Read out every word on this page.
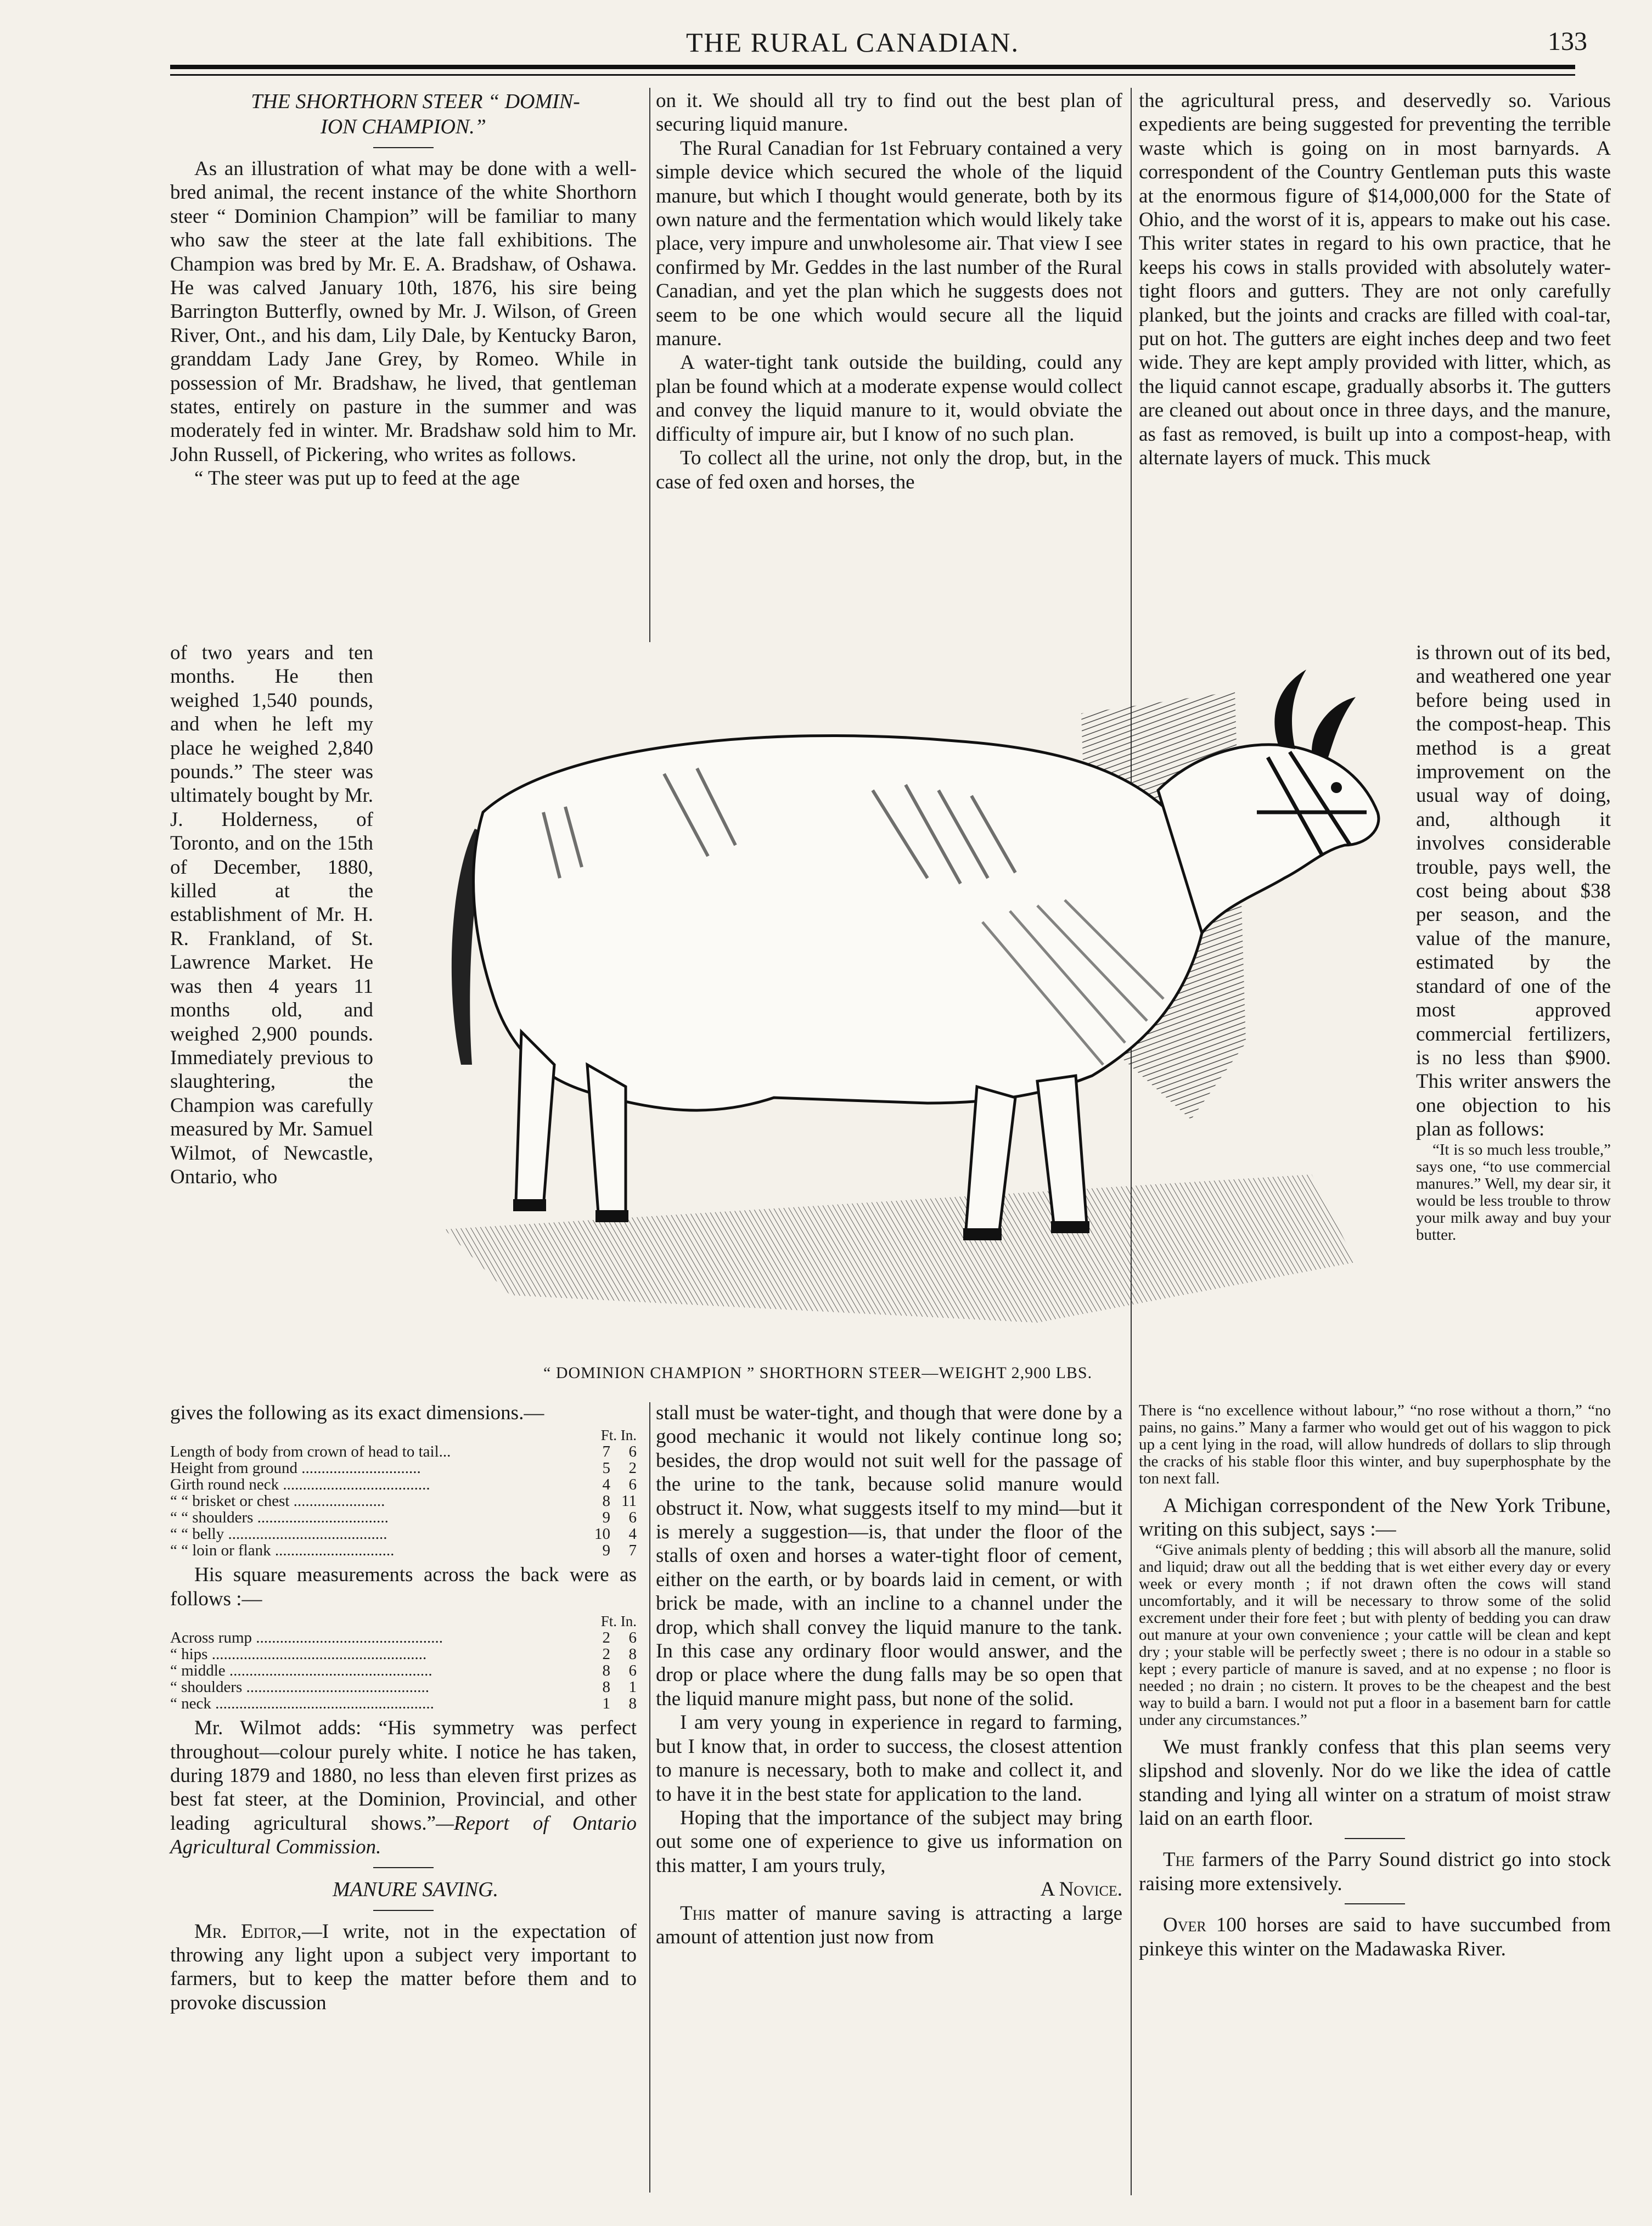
THE RURAL CANADIAN.	133

THE SHORTHORN STEER “ DOMIN-
ION CHAMPION.”

As an illustration of what may be done with a well-bred animal, the recent instance of the white Shorthorn steer “ Dominion Champion” will be familiar to many who saw the steer at the late fall exhibitions. The Champion was bred by Mr. E. A. Bradshaw, of Oshawa. He was calved January 10th, 1876, his sire being Barrington Butterfly, owned by Mr. J. Wilson, of Green River, Ont., and his dam, Lily Dale, by Kentucky Baron, granddam Lady Jane Grey, by Romeo. While in possession of Mr. Bradshaw, he lived, that gentleman states, entirely on pasture in the summer and was moderately fed in winter. Mr. Bradshaw sold him to Mr. John Russell, of Pickering, who writes as follows.

“ The steer was put up to feed at the age

of two years and ten months. He then weighed 1,540 pounds, and when he left my place he weighed 2,840 pounds.” The steer was ultimately bought by Mr. J. Holderness, of Toronto, and on the 15th of December, 1880, killed at the establishment of Mr. H. R. Frankland, of St. Lawrence Market. He was then 4 years 11 months old, and weighed 2,900 pounds. Immediately previous to slaughtering, the Champion was carefully measured by Mr. Samuel Wilmot, of Newcastle, Ontario, who

gives the following as its exact dimensions.—

Ft. In.
Length of body from crown of head to tail...	7	6
Height from ground ..............................	5	2
Girth round neck .....................................	4	6
“ “ brisket or chest .......................	8 11
“ “ shoulders .................................	9	6
“ “ belly ........................................	10	4
“ “ loin or flank ..............................	9	7

His square measurements across the back were as follows :—

Ft. In.
Across rump ...............................................	2	6
“ hips ......................................................	2	8
“ middle ...................................................	8	6
“ shoulders ..............................................	8	1
“ neck .......................................................	1	8

Mr. Wilmot adds: “His symmetry was perfect throughout—colour purely white. I notice he has taken, during 1879 and 1880, no less than eleven first prizes as best fat steer, at the Dominion, Provincial, and other leading agricultural shows.”—Report of Ontario Agricultural Commission.

MANURE SAVING.

Mr. Editor,—I write, not in the expectation of throwing any light upon a subject very important to farmers, but to keep the matter before them and to provoke discussion

on it. We should all try to find out the best plan of securing liquid manure.

The Rural Canadian for 1st February contained a very simple device which secured the whole of the liquid manure, but which I thought would generate, both by its own nature and the fermentation which would likely take place, very impure and unwholesome air. That view I see confirmed by Mr. Geddes in the last number of the Rural Canadian, and yet the plan which he suggests does not seem to be one which would secure all the liquid manure.

A water-tight tank outside the building, could any plan be found which at a moderate expense would collect and convey the liquid manure to it, would obviate the difficulty of impure air, but I know of no such plan.

To collect all the urine, not only the drop, but, in the case of fed oxen and horses, the

stall must be water-tight, and though that were done by a good mechanic it would not likely continue long so; besides, the drop would not suit well for the passage of the urine to the tank, because solid manure would obstruct it. Now, what suggests itself to my mind—but it is merely a suggestion—is, that under the floor of the stalls of oxen and horses a water-tight floor of cement, either on the earth, or by boards laid in cement, or with brick be made, with an incline to a channel under the drop, which shall convey the liquid manure to the tank. In this case any ordinary floor would answer, and the drop or place where the dung falls may be so open that the liquid manure might pass, but none of the solid.

I am very young in experience in regard to farming, but I know that, in order to success, the closest attention to manure is necessary, both to make and collect it, and to have it in the best state for application to the land.

Hoping that the importance of the subject may bring out some one of experience to give us information on this matter, I am yours truly,

A Novice.

This matter of manure saving is attracting a large amount of attention just now from

the agricultural press, and deservedly so. Various expedients are being suggested for preventing the terrible waste which is going on in most barnyards. A correspondent of the Country Gentleman puts this waste at the enormous figure of $14,000,000 for the State of Ohio, and the worst of it is, appears to make out his case. This writer states in regard to his own practice, that he keeps his cows in stalls provided with absolutely water-tight floors and gutters. They are not only carefully planked, but the joints and cracks are filled with coal-tar, put on hot. The gutters are eight inches deep and two feet wide. They are kept amply provided with litter, which, as the liquid cannot escape, gradually absorbs it. The gutters are cleaned out about once in three days, and the manure, as fast as removed, is built up into a compost-heap, with alternate layers of muck. This muck

is thrown out of its bed, and weathered one year before being used in the compost-heap. This method is a great improvement on the usual way of doing, and, although it involves considerable trouble, pays well, the cost being about $38 per season, and the value of the manure, estimated by the standard of one of the most approved commercial fertilizers, is no less than $900. This writer answers the one objection to his plan as follows:

“It is so much less trouble,” says one, “to use commercial manures.” Well, my dear sir, it would be less trouble to throw your milk away and buy your butter.

There is “no excellence without labour,” “no rose without a thorn,” “no pains, no gains.” Many a farmer who would get out of his waggon to pick up a cent lying in the road, will allow hundreds of dollars to slip through the cracks of his stable floor this winter, and buy superphosphate by the ton next fall.

A Michigan correspondent of the New York Tribune, writing on this subject, says :—

“Give animals plenty of bedding ; this will absorb all the manure, solid and liquid; draw out all the bedding that is wet either every day or every week or every month ; if not drawn often the cows will stand uncomfortably, and it will be necessary to throw some of the solid excrement under their fore feet ; but with plenty of bedding you can draw out manure at your own convenience ; your cattle will be clean and kept dry ; your stable will be perfectly sweet ; there is no odour in a stable so kept ; every particle of manure is saved, and at no expense ; no floor is needed ; no drain ; no cistern. It proves to be the cheapest and the best way to build a barn. I would not put a floor in a basement barn for cattle under any circumstances.”

We must frankly confess that this plan seems very slipshod and slovenly. Nor do we like the idea of cattle standing and lying all winter on a stratum of moist straw laid on an earth floor.

The farmers of the Parry Sound district go into stock raising more extensively.

Over 100 horses are said to have succumbed from pinkeye this winter on the Madawaska River.

“ DOMINION CHAMPION ” SHORTHORN STEER—WEIGHT 2,900 LBS.
